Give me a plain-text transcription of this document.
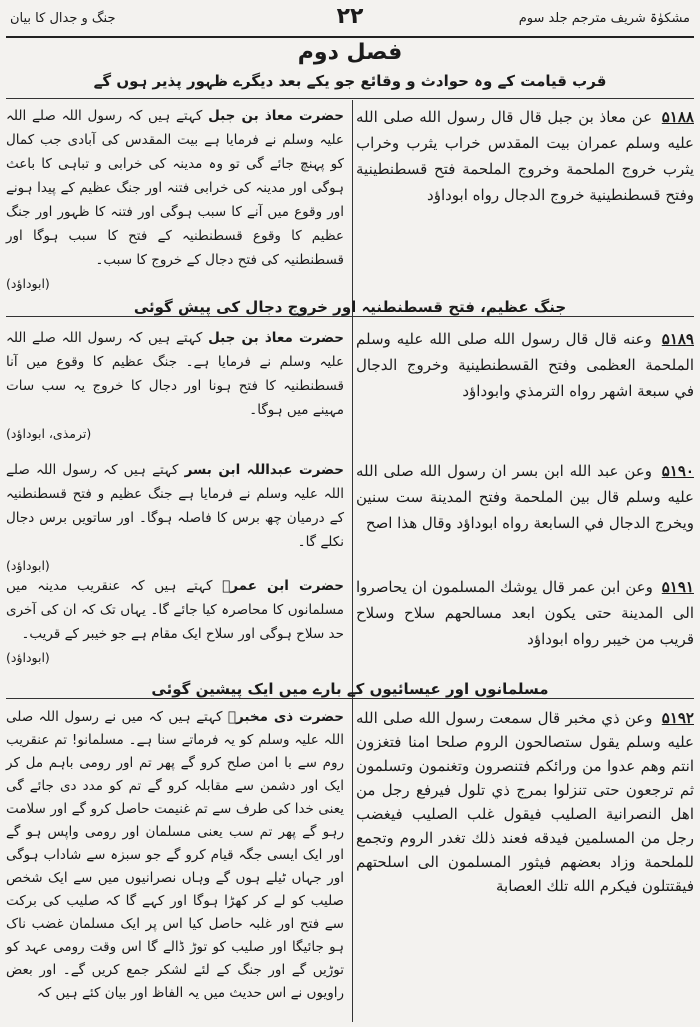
مشکوٰۃ شریف مترجم جلد سوم
۲۲
جنگ و جدال کا بیان
فصل دوم
قرب قیامت کے وہ حوادث و وقائع جو یکے بعد دیگرے ظہور پذیر ہوں گے
۵۱۸۸ عن معاذ بن جبل قال قال رسول الله صلى الله عليه وسلم عمران بيت المقدس خراب يثرب وخراب يثرب خروج الملحمة وخروج الملحمة فتح قسطنطينية وفتح قسطنطينية خروج الدجال رواه ابوداؤد
حضرت معاذ بن جبل کہتے ہیں کہ رسول اللہ صلے اللہ علیہ وسلم نے فرمایا ہے بیت المقدس کی آبادی جب کمال کو پہنچ جائے گی تو وہ مدینہ کی خرابی و تباہی کا باعث ہوگی اور مدینہ کی خرابی فتنہ اور جنگ عظیم کے پیدا ہونے اور وقوع میں آنے کا سبب ہوگی اور فتنہ کا ظہور اور جنگ عظیم کا وقوع قسطنطنیہ کے فتح کا سبب ہوگا اور قسطنطنیہ کی فتح دجال کے خروج کا سبب۔
(ابوداؤد)
جنگ عظیم، فتح قسطنطنیہ اور خروج دجال کی پیش گوئی
۵۱۸۹ وعنه قال قال رسول الله صلى الله عليه وسلم الملحمة العظمى وفتح القسطنطينية وخروج الدجال في سبعة اشهر رواه الترمذي وابوداؤد
حضرت معاذ بن جبل کہتے ہیں کہ رسول اللہ صلے اللہ علیہ وسلم نے فرمایا ہے۔ جنگ عظیم کا وقوع میں آنا قسطنطنیہ کا فتح ہونا اور دجال کا خروج یہ سب سات مہینے میں ہوگا۔
(ترمذی، ابوداؤد)
۵۱۹۰ وعن عبد الله ابن بسر ان رسول الله صلى الله عليه وسلم قال بين الملحمة وفتح المدينة ست سنين ويخرج الدجال في السابعة رواه ابوداؤد وقال هذا اصح
حضرت عبداللہ ابن بسر کہتے ہیں کہ رسول اللہ صلے اللہ علیہ وسلم نے فرمایا ہے جنگ عظیم و فتح قسطنطنیہ کے درمیان چھ برس کا فاصلہ ہوگا۔ اور ساتویں برس دجال نکلے گا۔
(ابوداؤد)
۵۱۹۱ وعن ابن عمر قال يوشك المسلمون ان يحاصروا الى المدينة حتى يكون ابعد مسالحهم سلاح وسلاح قريب من خيبر رواه ابوداؤد
حضرت ابن عمرؓ کہتے ہیں کہ عنقریب مدینہ میں مسلمانوں کا محاصرہ کیا جائے گا۔ یہاں تک کہ ان کی آخری حد سلاح ہوگی اور سلاح ایک مقام ہے جو خیبر کے قریب۔
(ابوداؤد)
مسلمانوں اور عیسائیوں کے بارے میں ایک پیشین گوئی
۵۱۹۲ وعن ذي مخبر قال سمعت رسول الله صلى الله عليه وسلم يقول ستصالحون الروم صلحا امنا فتغزون انتم وهم عدوا من ورائكم فتنصرون وتغنمون وتسلمون ثم ترجعون حتى تنزلوا بمرج ذي تلول فيرفع رجل من اهل النصرانية الصليب فيقول غلب الصليب فيغضب رجل من المسلمين فيدقه فعند ذلك تغدر الروم وتجمع للملحمة وزاد بعضهم فيثور المسلمون الى اسلحتهم فيقتتلون فيكرم الله تلك العصابة
حضرت ذی مخبرؓ کہتے ہیں کہ میں نے رسول اللہ صلی اللہ علیہ وسلم کو یہ فرماتے سنا ہے۔ مسلمانو! تم عنقریب روم سے با امن صلح کرو گے پھر تم اور رومی باہم مل کر ایک اور دشمن سے مقابلہ کرو گے تم کو مدد دی جائے گی یعنی خدا کی طرف سے تم غنیمت حاصل کرو گے اور سلامت رہو گے پھر تم سب یعنی مسلمان اور رومی واپس ہو گے اور ایک ایسی جگہ قیام کرو گے جو سبزہ سے شاداب ہوگی اور جہاں ٹیلے ہوں گے وہاں نصرانیوں میں سے ایک شخص صلیب کو لے کر کھڑا ہوگا اور کہے گا کہ صلیب کی برکت سے فتح اور غلبہ حاصل کیا اس پر ایک مسلمان غضب ناک ہو جائیگا اور صلیب کو توڑ ڈالے گا اس وقت رومی عہد کو توڑیں گے اور جنگ کے لئے لشکر جمع کریں گے۔ اور بعض راویوں نے اس حدیث میں یہ الفاظ اور بیان کئے ہیں کہ
